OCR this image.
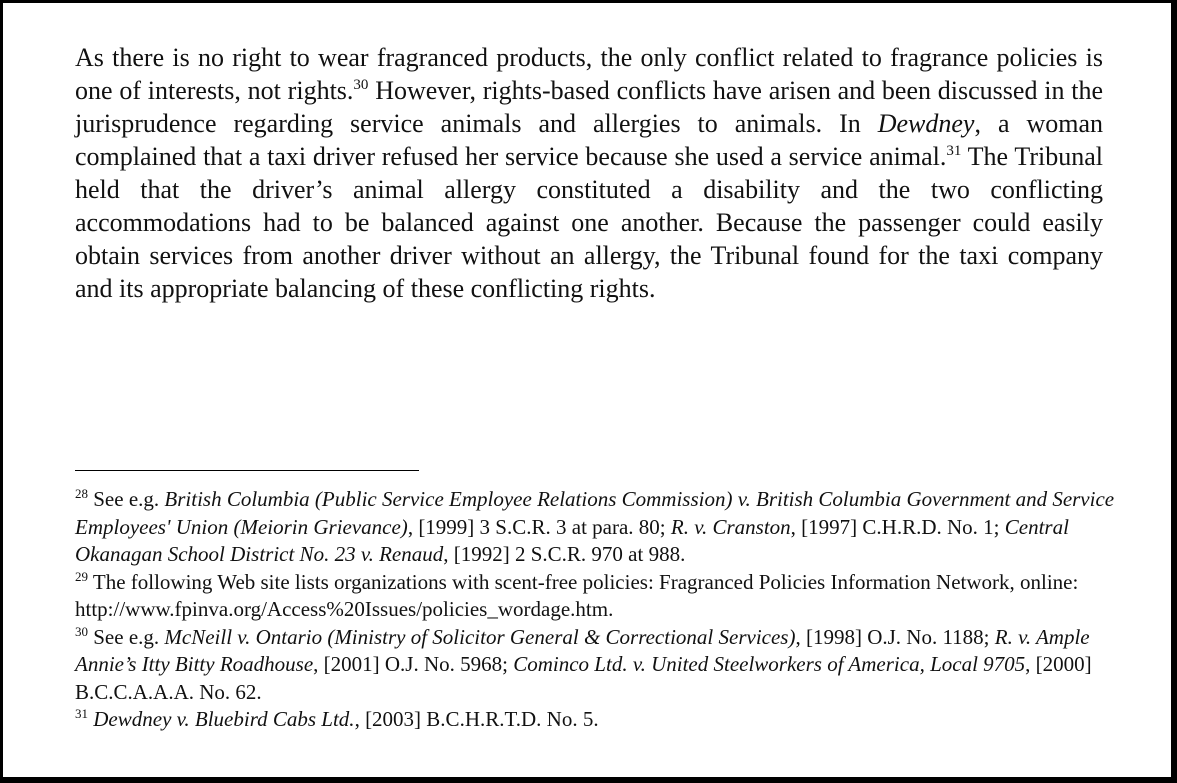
As there is no right to wear fragranced products, the only conflict related to fragrance policies is one of interests, not rights.$^{30}$ However, rights-based conflicts have arisen and been discussed in the jurisprudence regarding service animals and allergies to animals. In Dewdney, a woman complained that a taxi driver refused her service because she used a service animal.$^{31}$ The Tribunal held that the driver’s animal allergy constituted a disability and the two conflicting accommodations had to be balanced against one another. Because the passenger could easily obtain services from another driver without an allergy, the Tribunal found for the taxi company and its appropriate balancing of these conflicting rights.

$^{28}$ See e.g. British Columbia (Public Service Employee Relations Commission) v. British Columbia Government and Service Employees' Union (Meiorin Grievance), [1999] 3 S.C.R. 3 at para. 80; R. v. Cranston, [1997] C.H.R.D. No. 1; Central Okanagan School District No. 23 v. Renaud, [1992] 2 S.C.R. 970 at 988.

$^{29}$ The following Web site lists organizations with scent-free policies: Fragranced Policies Information Network, online: http://www.fpinva.org/Access%20Issues/policies_wordage.htm.

$^{30}$ See e.g. McNeill v. Ontario (Ministry of Solicitor General & Correctional Services), [1998] O.J. No. 1188; R. v. Ample Annie’s Itty Bitty Roadhouse, [2001] O.J. No. 5968; Cominco Ltd. v. United Steelworkers of America, Local 9705, [2000] B.C.C.A.A.A. No. 62.

$^{31}$ Dewdney v. Bluebird Cabs Ltd., [2003] B.C.H.R.T.D. No. 5.
